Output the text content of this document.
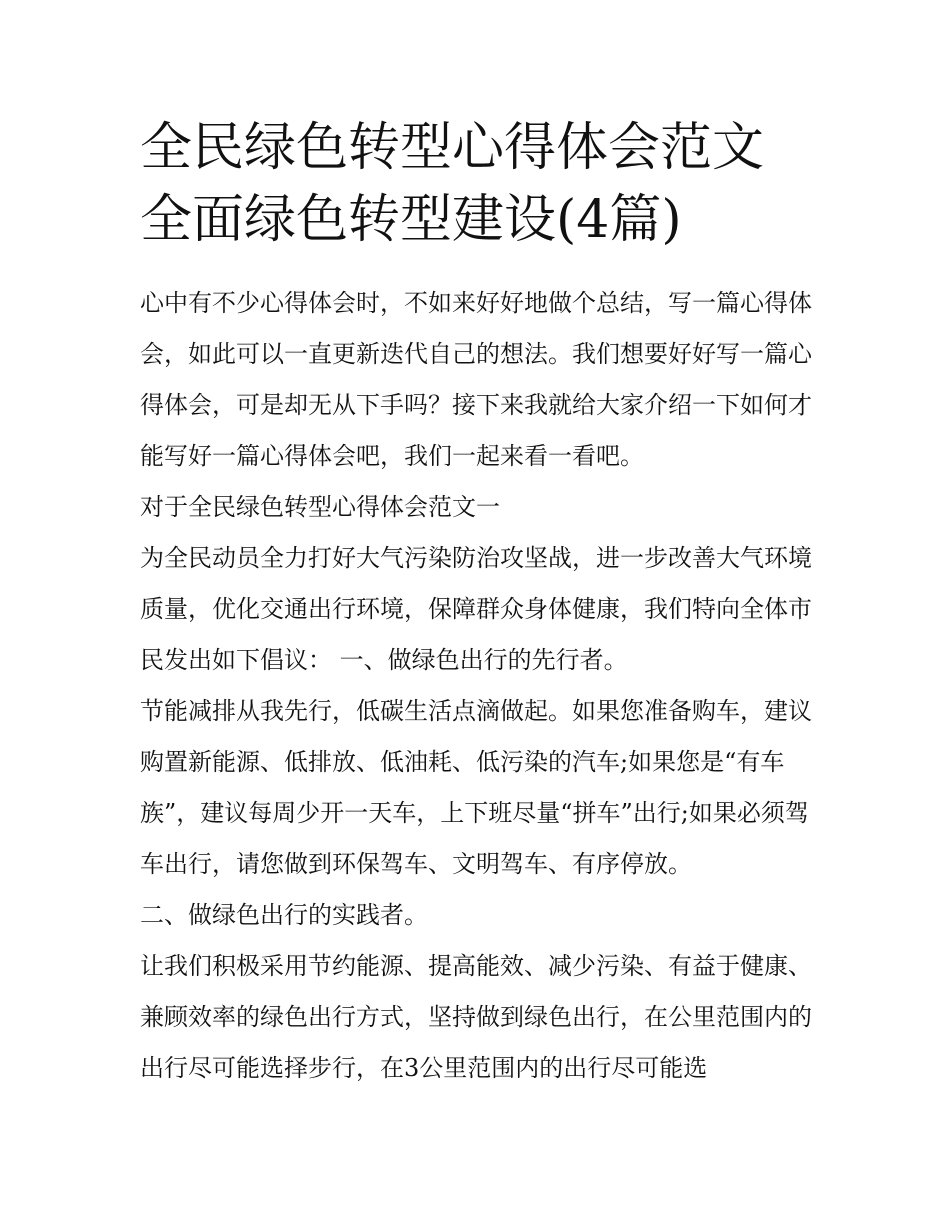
全民绿色转型心得体会范文 全面绿色转型建设(4篇)

心中有不少心得体会时，不如来好好地做个总结，写一篇心得体会，如此可以一直更新迭代自己的想法。我们想要好好写一篇心得体会，可是却无从下手吗？接下来我就给大家介绍一下如何才能写好一篇心得体会吧，我们一起来看一看吧。

对于全民绿色转型心得体会范文一

为全民动员全力打好大气污染防治攻坚战，进一步改善大气环境质量，优化交通出行环境，保障群众身体健康，我们特向全体市民发出如下倡议： 一、做绿色出行的先行者。

节能减排从我先行，低碳生活点滴做起。如果您准备购车，建议购置新能源、低排放、低油耗、低污染的汽车;如果您是“有车族”，建议每周少开一天车，上下班尽量“拼车”出行;如果必须驾车出行，请您做到环保驾车、文明驾车、有序停放。

二、做绿色出行的实践者。

让我们积极采用节约能源、提高能效、减少污染、有益于健康、兼顾效率的绿色出行方式，坚持做到绿色出行，在公里范围内的出行尽可能选择步行，在3公里范围内的出行尽可能选
